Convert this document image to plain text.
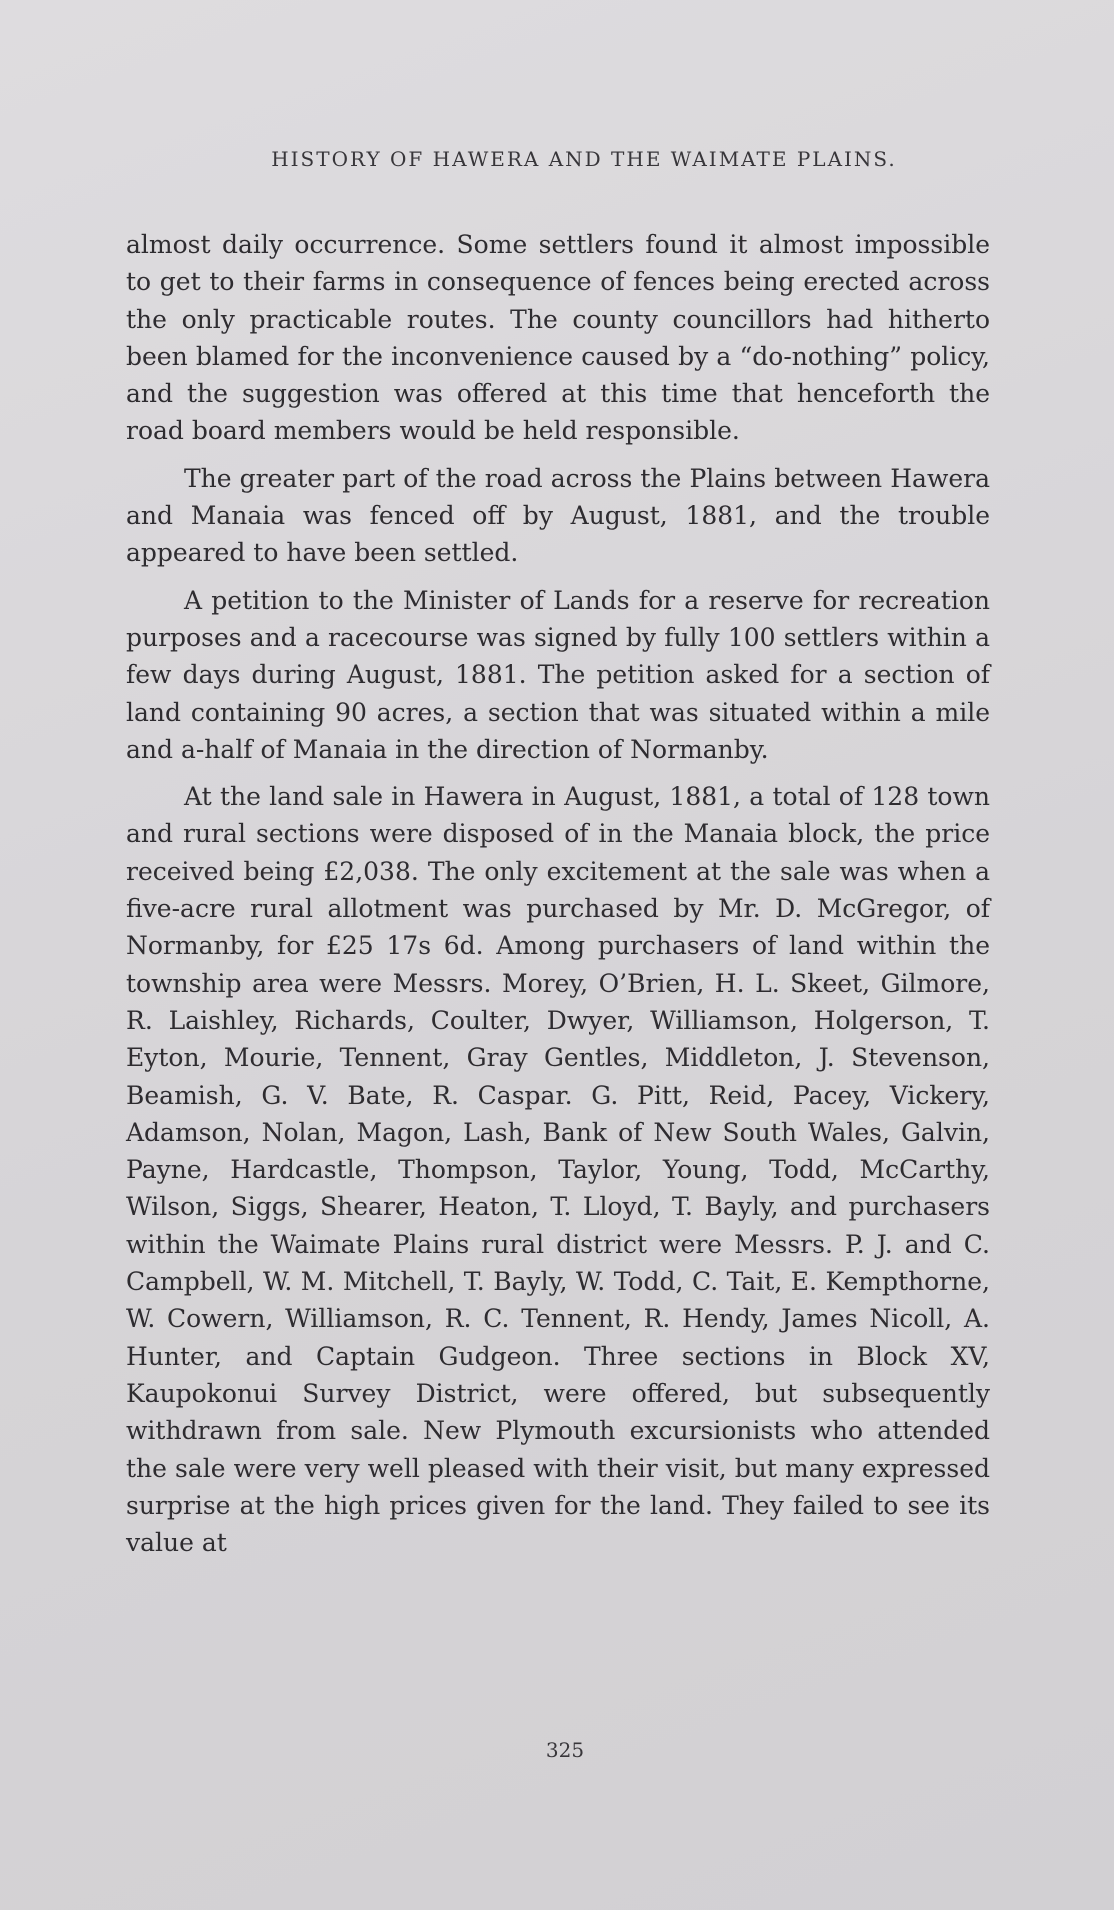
HISTORY OF HAWERA AND THE WAIMATE PLAINS.

almost daily occurrence. Some settlers found it almost impossible to get to their farms in consequence of fences being erected across the only practicable routes. The county councillors had hitherto been blamed for the inconvenience caused by a “do-nothing” policy, and the suggestion was offered at this time that henceforth the road board members would be held responsible.

The greater part of the road across the Plains between Hawera and Manaia was fenced off by August, 1881, and the trouble appeared to have been settled.

A petition to the Minister of Lands for a reserve for recreation purposes and a racecourse was signed by fully 100 settlers within a few days during August, 1881. The petition asked for a section of land containing 90 acres, a section that was situated within a mile and a-half of Manaia in the direction of Normanby.

At the land sale in Hawera in August, 1881, a total of 128 town and rural sections were disposed of in the Manaia block, the price received being £2,038. The only excitement at the sale was when a five-acre rural allotment was purchased by Mr. D. McGregor, of Normanby, for £25 17s 6d. Among purchasers of land within the township area were Messrs. Morey, O’Brien, H. L. Skeet, Gilmore, R. Laishley, Richards, Coulter, Dwyer, Williamson, Holgerson, T. Eyton, Mourie, Tennent, Gray Gentles, Middleton, J. Stevenson, Beamish, G. V. Bate, R. Caspar. G. Pitt, Reid, Pacey, Vickery, Adamson, Nolan, Magon, Lash, Bank of New South Wales, Galvin, Payne, Hardcastle, Thompson, Taylor, Young, Todd, McCarthy, Wilson, Siggs, Shearer, Heaton, T. Lloyd, T. Bayly, and purchasers within the Waimate Plains rural district were Messrs. P. J. and C. Campbell, W. M. Mitchell, T. Bayly, W. Todd, C. Tait, E. Kempthorne, W. Cowern, Williamson, R. C. Tennent, R. Hendy, James Nicoll, A. Hunter, and Captain Gudgeon. Three sections in Block XV, Kaupokonui Survey District, were offered, but subsequently withdrawn from sale. New Plymouth excursionists who attended the sale were very well pleased with their visit, but many expressed surprise at the high prices given for the land. They failed to see its value at

325
